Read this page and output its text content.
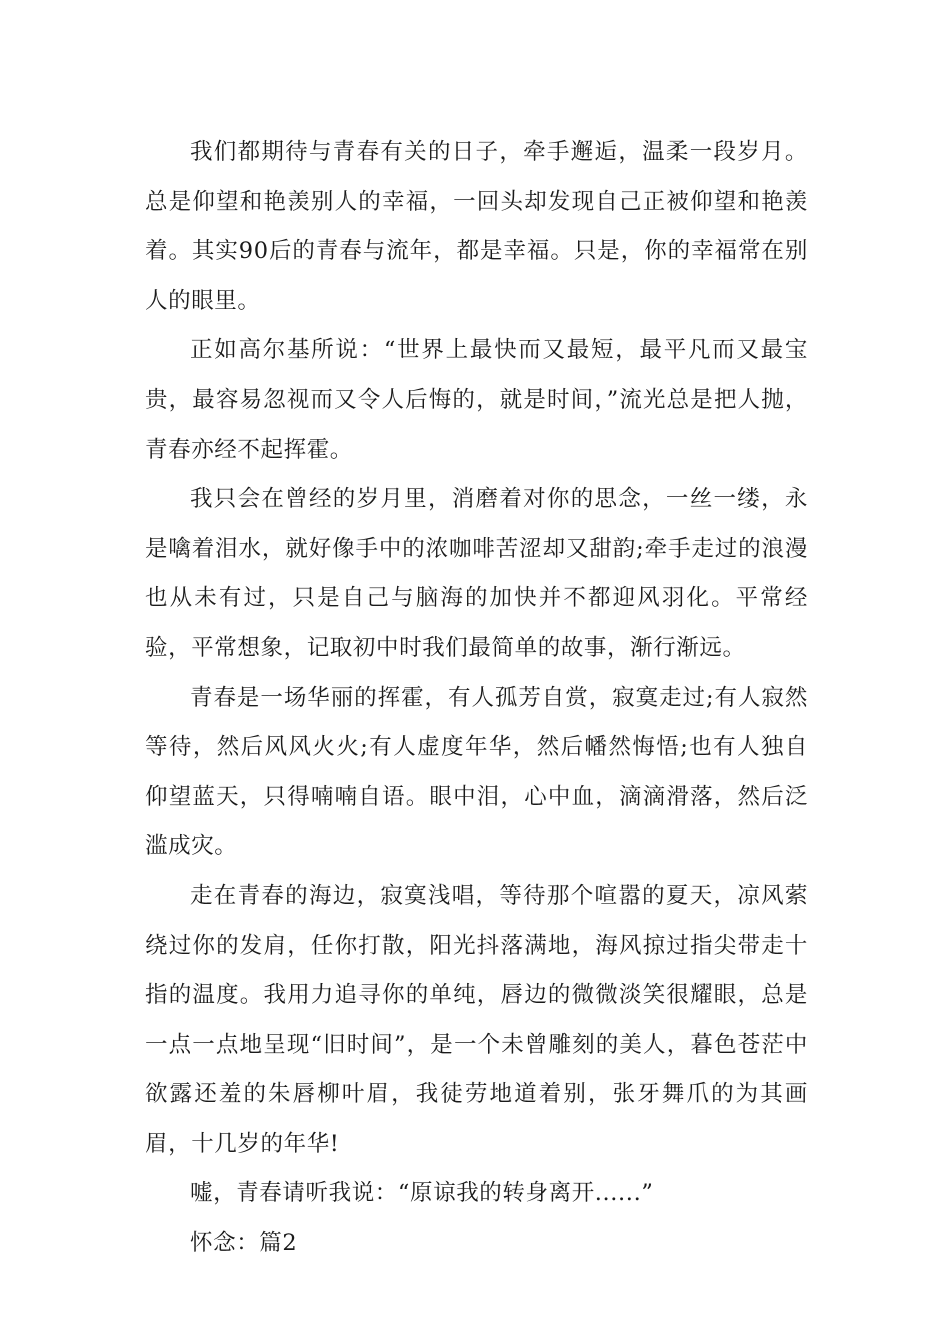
我们都期待与青春有关的日子，牵手邂逅，温柔一段岁月。总是仰望和艳羡别人的幸福，一回头却发现自己正被仰望和艳羡着。其实90后的青春与流年，都是幸福。只是，你的幸福常在别人的眼里。

正如高尔基所说：“世界上最快而又最短，最平凡而又最宝贵，最容易忽视而又令人后悔的，就是时间，”流光总是把人抛，青春亦经不起挥霍。

我只会在曾经的岁月里，消磨着对你的思念，一丝一缕，永是噙着泪水，就好像手中的浓咖啡苦涩却又甜韵;牵手走过的浪漫也从未有过，只是自己与脑海的加快并不都迎风羽化。平常经验，平常想象，记取初中时我们最简单的故事，渐行渐远。

青春是一场华丽的挥霍，有人孤芳自赏，寂寞走过;有人寂然等待，然后风风火火;有人虚度年华，然后幡然悔悟;也有人独自仰望蓝天，只得喃喃自语。眼中泪，心中血，滴滴滑落，然后泛滥成灾。

走在青春的海边，寂寞浅唱，等待那个喧嚣的夏天，凉风萦绕过你的发肩，任你打散，阳光抖落满地，海风掠过指尖带走十指的温度。我用力追寻你的单纯，唇边的微微淡笑很耀眼，总是一点一点地呈现“旧时间”，是一个未曾雕刻的美人，暮色苍茫中欲露还羞的朱唇柳叶眉，我徒劳地道着别，张牙舞爪的为其画眉，十几岁的年华!

嘘，青春请听我说：“原谅我的转身离开......”

怀念：篇2
